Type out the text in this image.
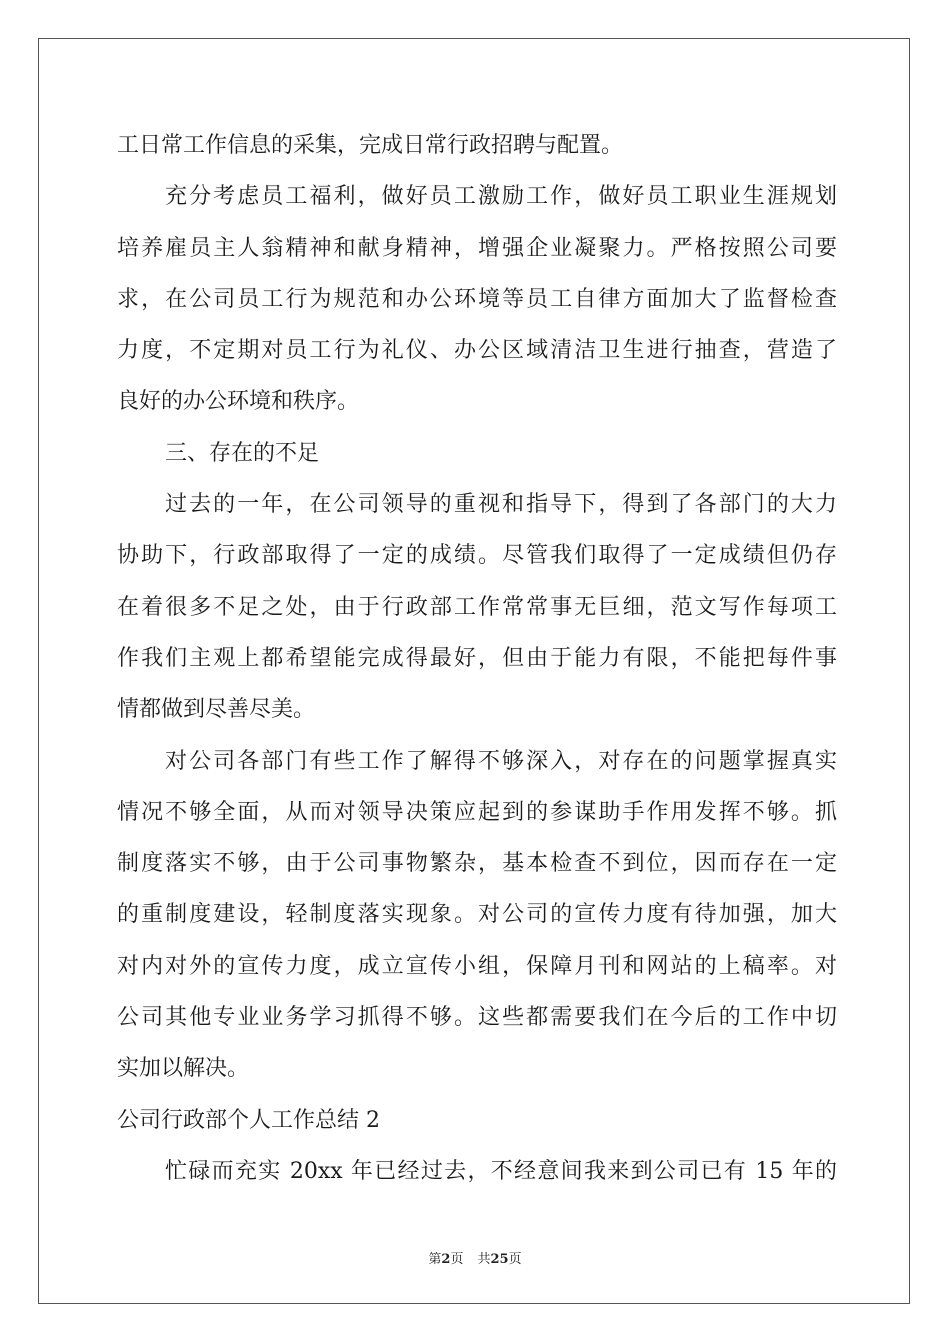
工日常工作信息的采集，完成日常行政招聘与配置。
充分考虑员工福利，做好员工激励工作，做好员工职业生涯规划
培养雇员主人翁精神和献身精神，增强企业凝聚力。严格按照公司要
求，在公司员工行为规范和办公环境等员工自律方面加大了监督检查
力度，不定期对员工行为礼仪、办公区域清洁卫生进行抽查，营造了
良好的办公环境和秩序。
三、存在的不足
过去的一年，在公司领导的重视和指导下，得到了各部门的大力
协助下，行政部取得了一定的成绩。尽管我们取得了一定成绩但仍存
在着很多不足之处，由于行政部工作常常事无巨细，范文写作每项工
作我们主观上都希望能完成得最好，但由于能力有限，不能把每件事
情都做到尽善尽美。
对公司各部门有些工作了解得不够深入，对存在的问题掌握真实
情况不够全面，从而对领导决策应起到的参谋助手作用发挥不够。抓
制度落实不够，由于公司事物繁杂，基本检查不到位，因而存在一定
的重制度建设，轻制度落实现象。对公司的宣传力度有待加强，加大
对内对外的宣传力度，成立宣传小组，保障月刊和网站的上稿率。对
公司其他专业业务学习抓得不够。这些都需要我们在今后的工作中切
实加以解决。
公司行政部个人工作总结 2
忙碌而充实 20xx 年已经过去，不经意间我来到公司已有 15 年的
第2页 共25页
